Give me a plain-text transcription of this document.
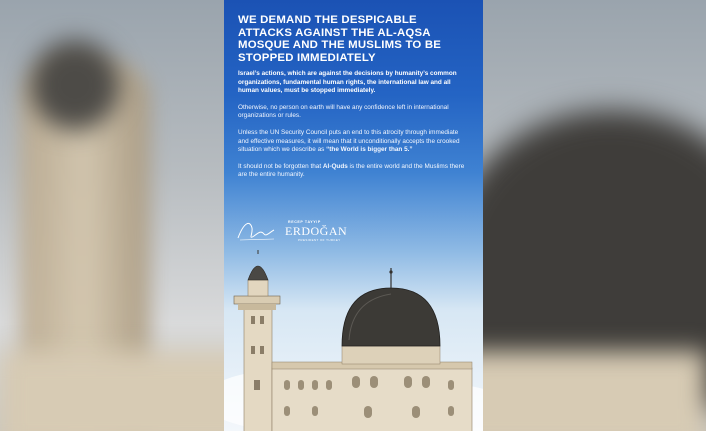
WE DEMAND THE DESPICABLE ATTACKS AGAINST THE AL-AQSA MOSQUE AND THE MUSLIMS TO BE STOPPED IMMEDIATELY

Israel’s actions, which are against the decisions by humanity’s common organizations, fundamental human rights, the international law and all human values, must be stopped immediately.

Otherwise, no person on earth will have any confidence left in international organizations or rules.

Unless the UN Security Council puts an end to this atrocity through immediate and effective measures, it will mean that it unconditionally accepts the crooked situation which we describe as “the World is bigger than 5.”

It should not be forgotten that Al-Quds is the entire world and the Muslims there are the entire humanity.

RECEP TAYYIP
ERDOĞAN
PRESIDENT OF TURKEY
